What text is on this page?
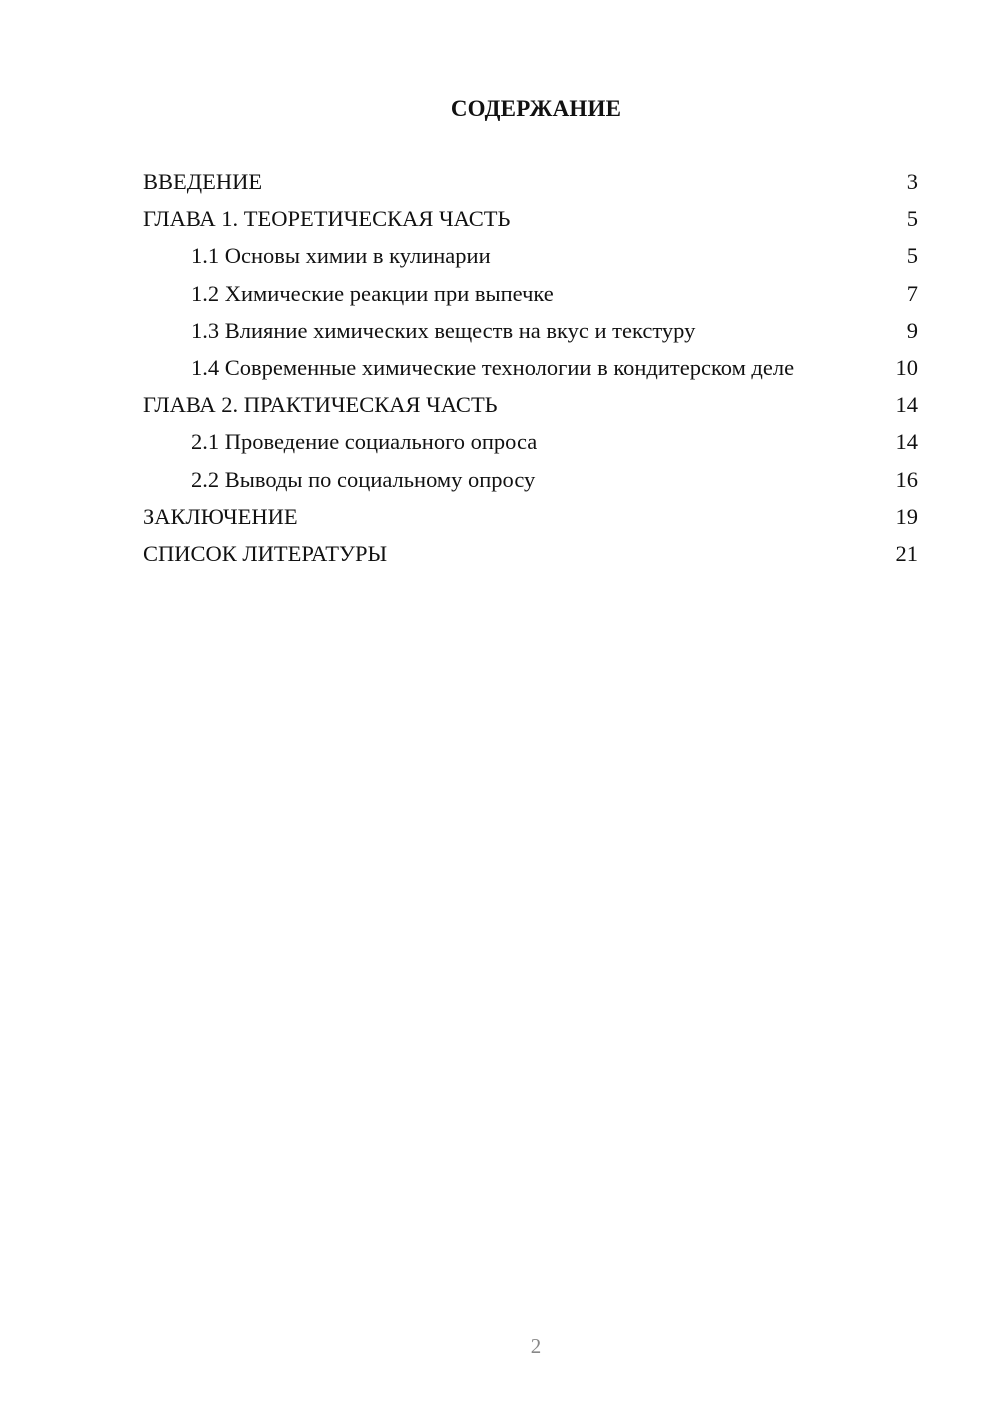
СОДЕРЖАНИЕ
ВВЕДЕНИЕ	3
ГЛАВА 1. ТЕОРЕТИЧЕСКАЯ ЧАСТЬ	5
1.1 Основы химии в кулинарии	5
1.2 Химические реакции при выпечке	7
1.3 Влияние химических веществ на вкус и текстуру	9
1.4 Современные химические технологии в кондитерском деле	10
ГЛАВА 2. ПРАКТИЧЕСКАЯ ЧАСТЬ	14
2.1 Проведение социального опроса	14
2.2 Выводы по социальному опросу	16
ЗАКЛЮЧЕНИЕ	19
СПИСОК ЛИТЕРАТУРЫ	21
2
